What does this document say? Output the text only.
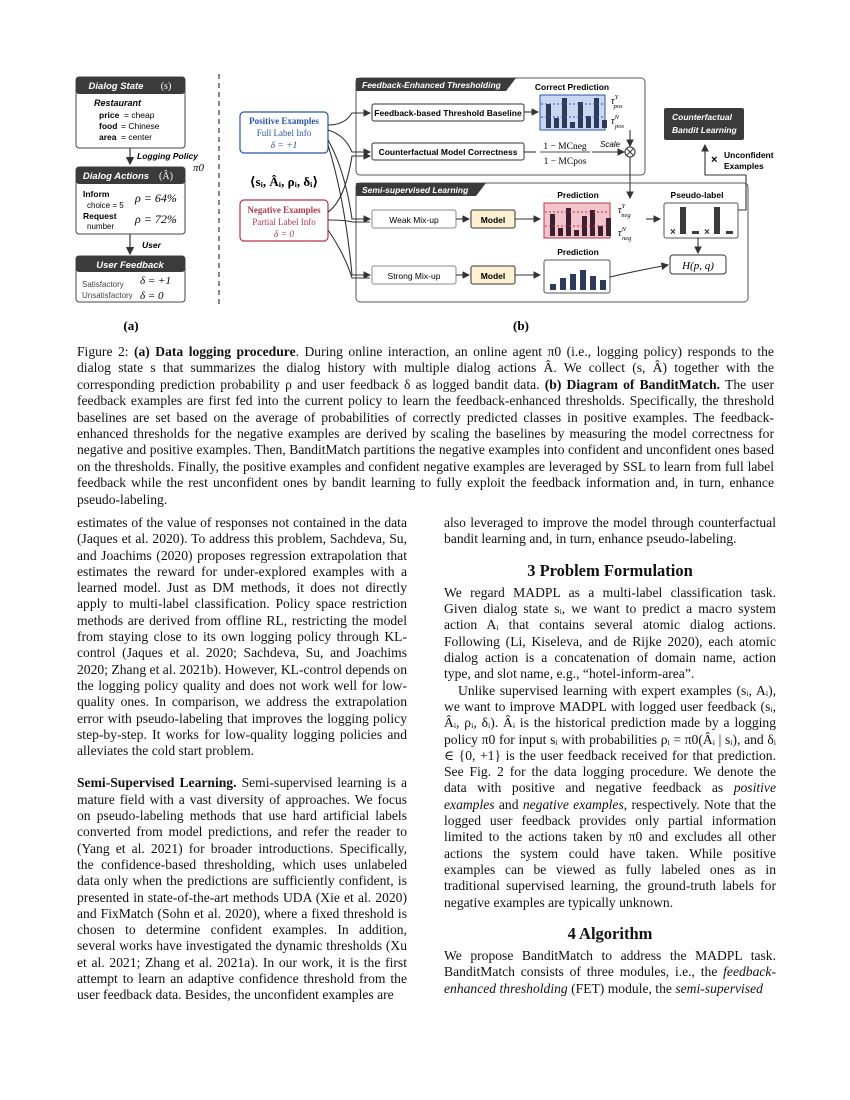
Dialog State (s)
Restaurant
price = cheap
food = Chinese
area = center
Logging Policy
π0
Dialog Actions (Â)
Inform
choice = 5
ρ = 64%
Request
number
ρ = 72%
User
User Feedback
Satisfactory δ = +1
Unsatisfactory δ = 0
(a)
Positive Examples
Full Label Info
δ = +1
⟨sᵢ, Âᵢ, ρᵢ, δᵢ⟩
Negative Examples
Partial Label Info
δ = 0
Feedback-Enhanced Thresholding	Correct Prediction
$\tau^Y$ pos
$\tau^N$ pos
Feedback-based Threshold Baseline
Counterfactual Model Correctness	1 − MCneg
1 − MCpos
Scale
Counterfactual
Bandit Learning
× Unconfident
Examples
Semi-supervised Learning
Weak Mix-up	Model
Prediction
$\tau^Y$ neg
$\tau^N$ neg
Pseudo-label
×	×
Strong Mix-up	Model
Prediction
H(p, q)
(b)
Figure 2: (a) Data logging procedure. During online interaction, an online agent π0 (i.e., logging policy) responds to the dialog state s that summarizes the dialog history with multiple dialog actions Â. We collect (s, Â) together with the corresponding prediction probability ρ and user feedback δ as logged bandit data. (b) Diagram of BanditMatch. The user feedback examples are first fed into the current policy to learn the feedback-enhanced thresholds. Specifically, the threshold baselines are set based on the average of probabilities of correctly predicted classes in positive examples. The feedback-enhanced thresholds for the negative examples are derived by scaling the baselines by measuring the model correctness for negative and positive examples. Then, BanditMatch partitions the negative examples into confident and unconfident ones based on the thresholds. Finally, the positive examples and confident negative examples are leveraged by SSL to learn from full label feedback while the rest unconfident ones by bandit learning to fully exploit the feedback information and, in turn, enhance pseudo-labeling.

estimates of the value of responses not contained in the data (Jaques et al. 2020). To address this problem, Sachdeva, Su, and Joachims (2020) proposes regression extrapolation that estimates the reward for under-explored examples with a learned model. Just as DM methods, it does not directly apply to multi-label classification. Policy space restriction methods are derived from offline RL, restricting the model from staying close to its own logging policy through KL-control (Jaques et al. 2020; Sachdeva, Su, and Joachims 2020; Zhang et al. 2021b). However, KL-control depends on the logging policy quality and does not work well for low-quality ones. In comparison, we address the extrapolation error with pseudo-labeling that improves the logging policy step-by-step. It works for low-quality logging policies and alleviates the cold start problem.

Semi-Supervised Learning. Semi-supervised learning is a mature field with a vast diversity of approaches. We focus on pseudo-labeling methods that use hard artificial labels converted from model predictions, and refer the reader to (Yang et al. 2021) for broader introductions. Specifically, the confidence-based thresholding, which uses unlabeled data only when the predictions are sufficiently confident, is presented in state-of-the-art methods UDA (Xie et al. 2020) and FixMatch (Sohn et al. 2020), where a fixed threshold is chosen to determine confident examples. In addition, several works have investigated the dynamic thresholds (Xu et al. 2021; Zhang et al. 2021a). In our work, it is the first attempt to learn an adaptive confidence threshold from the user feedback data. Besides, the unconfident examples are

also leveraged to improve the model through counterfactual bandit learning and, in turn, enhance pseudo-labeling.

3 Problem Formulation

We regard MADPL as a multi-label classification task. Given dialog state sᵢ, we want to predict a macro system action Aᵢ that contains several atomic dialog actions. Following (Li, Kiseleva, and de Rijke 2020), each atomic dialog action is a concatenation of domain name, action type, and slot name, e.g., “hotel-inform-area”.

Unlike supervised learning with expert examples (sᵢ, Aᵢ), we want to improve MADPL with logged user feedback (sᵢ, Âᵢ, ρᵢ, δᵢ). Âᵢ is the historical prediction made by a logging policy π0 for input sᵢ with probabilities ρᵢ = π0(Âᵢ | sᵢ), and δᵢ ∈ {0, +1} is the user feedback received for that prediction. See Fig. 2 for the data logging procedure. We denote the data with positive and negative feedback as positive examples and negative examples, respectively. Note that the logged user feedback provides only partial information limited to the actions taken by π0 and excludes all other actions the system could have taken. While positive examples can be viewed as fully labeled ones as in traditional supervised learning, the ground-truth labels for negative examples are typically unknown.

4 Algorithm

We propose BanditMatch to address the MADPL task. BanditMatch consists of three modules, i.e., the feedback-enhanced thresholding (FET) module, the semi-supervised
